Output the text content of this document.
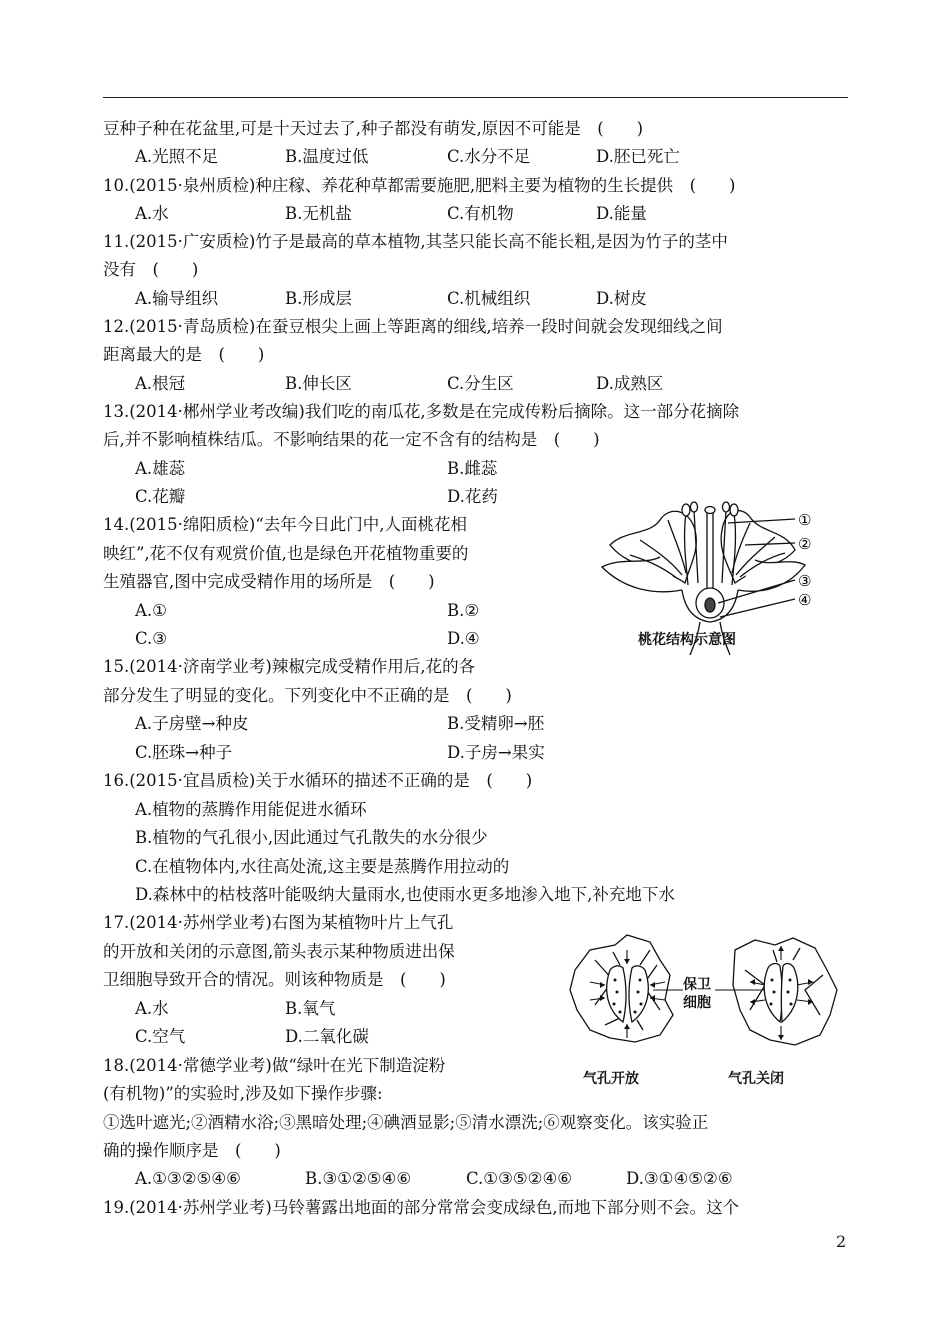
豆种子种在花盆里,可是十天过去了,种子都没有萌发,原因不可能是　(　　)
A.光照不足	B.温度过低	C.水分不足	D.胚已死亡
10.(2015·泉州质检)种庄稼、养花种草都需要施肥,肥料主要为植物的生长提供　(　　)
A.水	B.无机盐	C.有机物	D.能量
11.(2015·广安质检)竹子是最高的草本植物,其茎只能长高不能长粗,是因为竹子的茎中
没有　(　　)
A.输导组织	B.形成层	C.机械组织	D.树皮
12.(2015·青岛质检)在蚕豆根尖上画上等距离的细线,培养一段时间就会发现细线之间
距离最大的是　(　　)
A.根冠	B.伸长区	C.分生区	D.成熟区
13.(2014·郴州学业考改编)我们吃的南瓜花,多数是在完成传粉后摘除。这一部分花摘除
后,并不影响植株结瓜。不影响结果的花一定不含有的结构是　(　　)
A.雄蕊	B.雌蕊
C.花瓣	D.花药
14.(2015·绵阳质检)“去年今日此门中,人面桃花相
映红”,花不仅有观赏价值,也是绿色开花植物重要的
生殖器官,图中完成受精作用的场所是　(　　)
A.①	B.②
C.③	D.④
①
②
③
④
桃花结构示意图
15.(2014·济南学业考)辣椒完成受精作用后,花的各
部分发生了明显的变化。下列变化中不正确的是　(　　)
A.子房壁→种皮	B.受精卵→胚
C.胚珠→种子	D.子房→果实
16.(2015·宜昌质检)关于水循环的描述不正确的是　(　　)
A.植物的蒸腾作用能促进水循环
B.植物的气孔很小,因此通过气孔散失的水分很少
C.在植物体内,水往高处流,这主要是蒸腾作用拉动的
D.森林中的枯枝落叶能吸纳大量雨水,也使雨水更多地渗入地下,补充地下水
17.(2014·苏州学业考)右图为某植物叶片上气孔
的开放和关闭的示意图,箭头表示某种物质进出保
卫细胞导致开合的情况。则该种物质是　(　　)
A.水	B.氧气
C.空气	D.二氧化碳
保卫
细胞
气孔开放	气孔关闭
18.(2014·常德学业考)做“绿叶在光下制造淀粉
(有机物)”的实验时,涉及如下操作步骤:
①选叶遮光;②酒精水浴;③黑暗处理;④碘酒显影;⑤清水漂洗;⑥观察变化。该实验正
确的操作顺序是　(　　)
A.①③②⑤④⑥	B.③①②⑤④⑥	C.①③⑤②④⑥	D.③①④⑤②⑥
19.(2014·苏州学业考)马铃薯露出地面的部分常常会变成绿色,而地下部分则不会。这个
2
